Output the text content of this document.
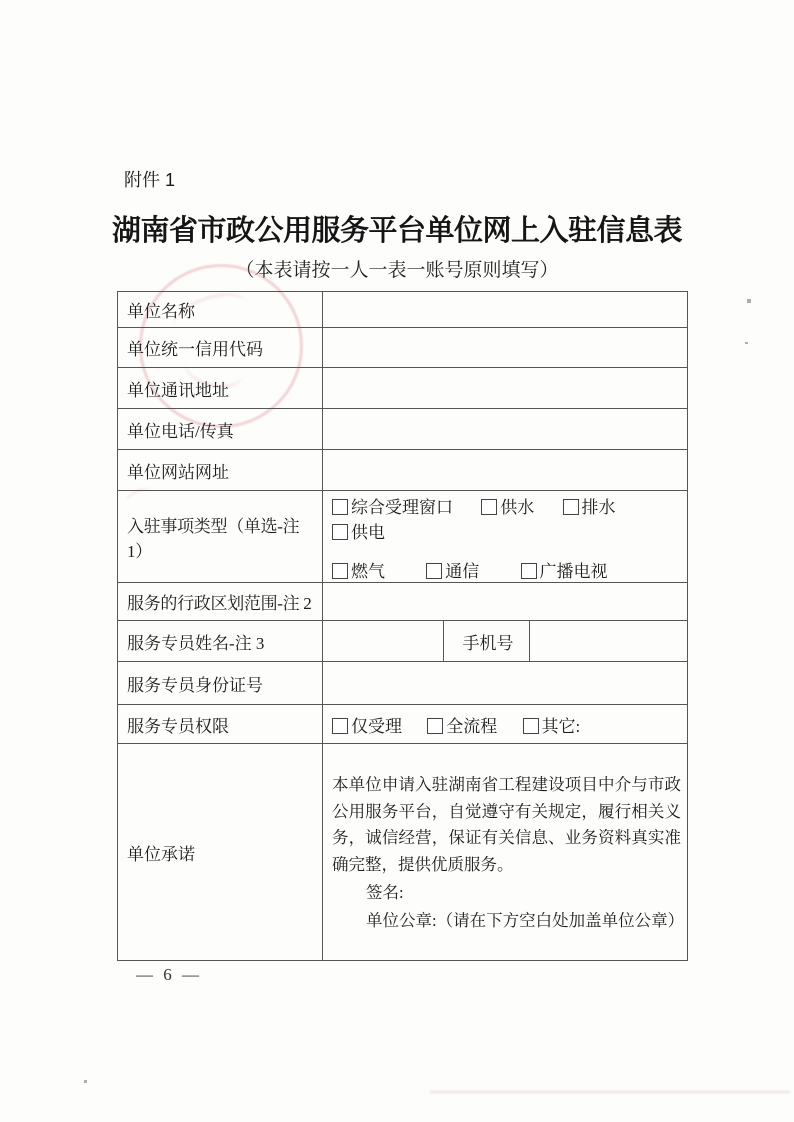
附件 1
湖南省市政公用服务平台单位网上入驻信息表
（本表请按一人一表一账号原则填写）
单位名称			
单位统一信用代码			
单位通讯地址			
单位电话/传真			
单位网站网址			
入驻事项类型（单选-注 1）	综合受理窗口 供水 排水 供电
燃气 通信 广播电视		

服务的行政区划范围-注 2			
服务专员姓名-注 3		手机号	
服务专员身份证号			
服务专员权限	仅受理 全流程 其它:		
单位承诺	本单位申请入驻湖南省工程建设项目中介与市政公用服务平台，自觉遵守有关规定，履行相关义务，诚信经营，保证有关信息、业务资料真实准确完整，提供优质服务。

签名:
单位公章:（请在下方空白处加盖单位公章）		
— 6 —
